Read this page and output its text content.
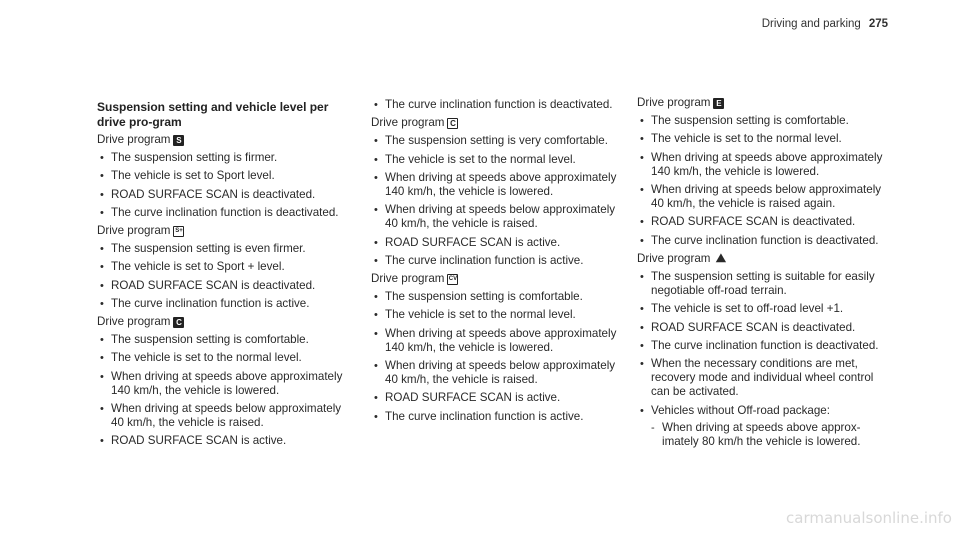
Driving and parking 275
Suspension setting and vehicle level per drive pro-gram
Drive program S
• The suspension setting is firmer.
• The vehicle is set to Sport level.
• ROAD SURFACE SCAN is deactivated.
• The curve inclination function is deactivated.
Drive program S+
• The suspension setting is even firmer.
• The vehicle is set to Sport + level.
• ROAD SURFACE SCAN is deactivated.
• The curve inclination function is active.
Drive program C
• The suspension setting is comfortable.
• The vehicle is set to the normal level.
• When driving at speeds above approximately 140 km/h, the vehicle is lowered.
• When driving at speeds below approximately 40 km/h, the vehicle is raised.
• ROAD SURFACE SCAN is active.
• The curve inclination function is deactivated.
Drive program C
• The suspension setting is very comfortable.
• The vehicle is set to the normal level.
• When driving at speeds above approximately 140 km/h, the vehicle is lowered.
• When driving at speeds below approximately 40 km/h, the vehicle is raised.
• ROAD SURFACE SCAN is active.
• The curve inclination function is active.
Drive program CV
• The suspension setting is comfortable.
• The vehicle is set to the normal level.
• When driving at speeds above approximately 140 km/h, the vehicle is lowered.
• When driving at speeds below approximately 40 km/h, the vehicle is raised.
• ROAD SURFACE SCAN is active.
• The curve inclination function is active.
Drive program E
• The suspension setting is comfortable.
• The vehicle is set to the normal level.
• When driving at speeds above approximately 140 km/h, the vehicle is lowered.
• When driving at speeds below approximately 40 km/h, the vehicle is raised again.
• ROAD SURFACE SCAN is deactivated.
• The curve inclination function is deactivated.
Drive program ⛰
• The suspension setting is suitable for easily negotiable off-road terrain.
• The vehicle is set to off-road level +1.
• ROAD SURFACE SCAN is deactivated.
• The curve inclination function is deactivated.
• When the necessary conditions are met, recovery mode and individual wheel control can be activated.
• Vehicles without Off-road package:
- When driving at speeds above approx-imately 80 km/h the vehicle is lowered.
carmanualsonline.info
